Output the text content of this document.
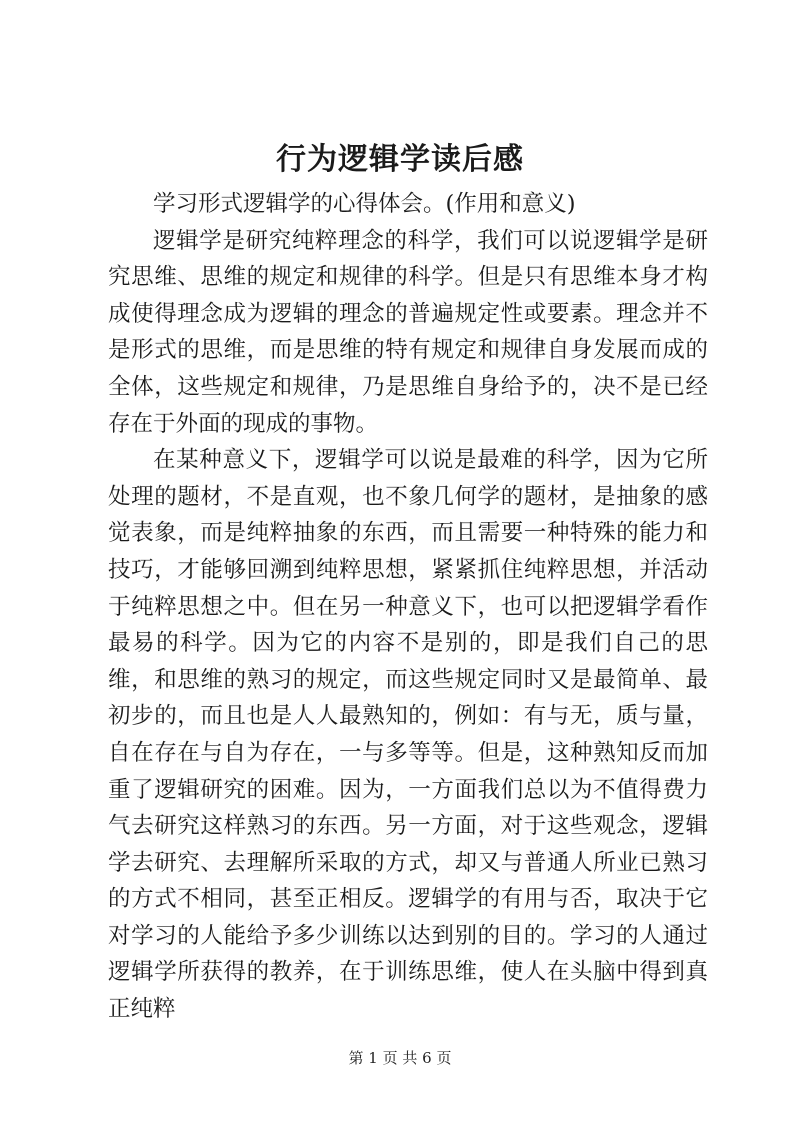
行为逻辑学读后感

学习形式逻辑学的心得体会。(作用和意义)

逻辑学是研究纯粹理念的科学，我们可以说逻辑学是研究思维、思维的规定和规律的科学。但是只有思维本身才构成使得理念成为逻辑的理念的普遍规定性或要素。理念并不是形式的思维，而是思维的特有规定和规律自身发展而成的全体，这些规定和规律，乃是思维自身给予的，决不是已经存在于外面的现成的事物。

在某种意义下，逻辑学可以说是最难的科学，因为它所处理的题材，不是直观，也不象几何学的题材，是抽象的感觉表象，而是纯粹抽象的东西，而且需要一种特殊的能力和技巧，才能够回溯到纯粹思想，紧紧抓住纯粹思想，并活动于纯粹思想之中。但在另一种意义下，也可以把逻辑学看作最易的科学。因为它的内容不是别的，即是我们自己的思维，和思维的熟习的规定，而这些规定同时又是最简单、最初步的，而且也是人人最熟知的，例如：有与无，质与量，自在存在与自为存在，一与多等等。但是，这种熟知反而加重了逻辑研究的困难。因为，一方面我们总以为不值得费力气去研究这样熟习的东西。另一方面，对于这些观念，逻辑学去研究、去理解所采取的方式，却又与普通人所业已熟习的方式不相同，甚至正相反。逻辑学的有用与否，取决于它对学习的人能给予多少训练以达到别的目的。学习的人通过逻辑学所获得的教养，在于训练思维，使人在头脑中得到真正纯粹

第 1 页 共 6 页
